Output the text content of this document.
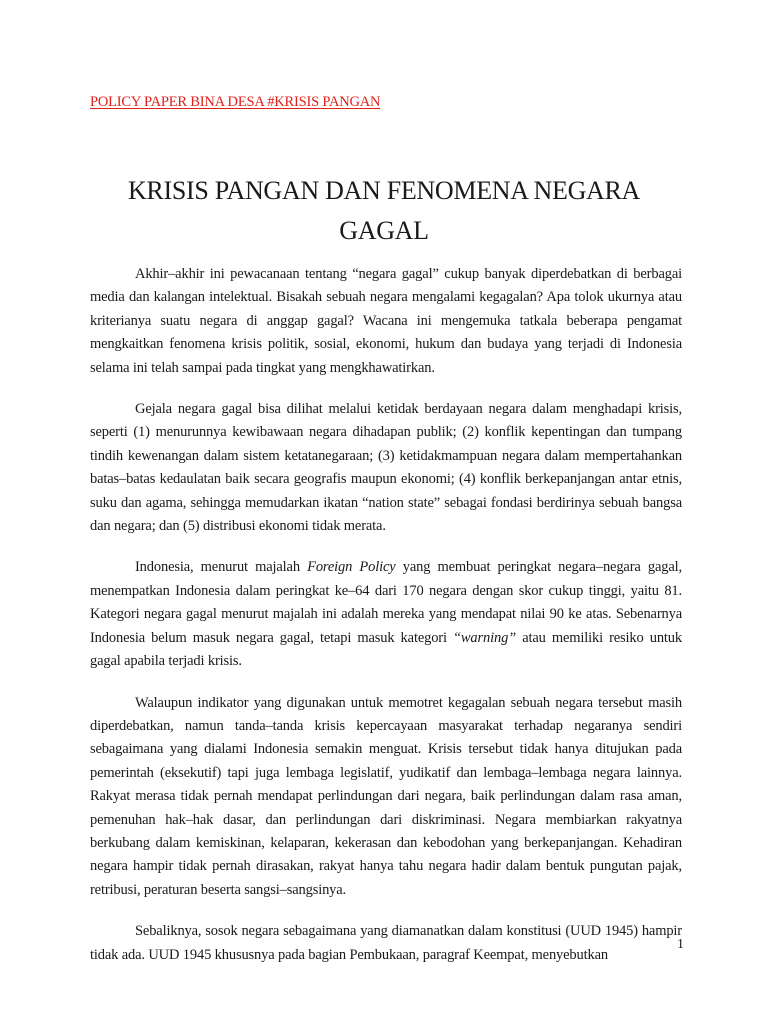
POLICY PAPER BINA DESA #KRISIS PANGAN
KRISIS PANGAN DAN FENOMENA NEGARA
GAGAL

Akhir–akhir ini pewacanaan tentang “negara gagal” cukup banyak diperdebatkan di berbagai media dan kalangan intelektual. Bisakah sebuah negara mengalami kegagalan? Apa tolok ukurnya atau kriterianya suatu negara di anggap gagal? Wacana ini mengemuka tatkala beberapa pengamat mengkaitkan fenomena krisis politik, sosial, ekonomi, hukum dan budaya yang terjadi di Indonesia selama ini telah sampai pada tingkat yang mengkhawatirkan.

Gejala negara gagal bisa dilihat melalui ketidak berdayaan negara dalam menghadapi krisis, seperti (1) menurunnya kewibawaan negara dihadapan publik; (2) konflik kepentingan dan tumpang tindih kewenangan dalam sistem ketatanegaraan; (3) ketidakmampuan negara dalam mempertahankan batas–batas kedaulatan baik secara geografis maupun ekonomi; (4) konflik berkepanjangan antar etnis, suku dan agama, sehingga memudarkan ikatan “nation state” sebagai fondasi berdirinya sebuah bangsa dan negara; dan (5) distribusi ekonomi tidak merata.

Indonesia, menurut majalah Foreign Policy yang membuat peringkat negara–negara gagal, menempatkan Indonesia dalam peringkat ke–64 dari 170 negara dengan skor cukup tinggi, yaitu 81. Kategori negara gagal menurut majalah ini adalah mereka yang mendapat nilai 90 ke atas. Sebenarnya Indonesia belum masuk negara gagal, tetapi masuk kategori “warning” atau memiliki resiko untuk gagal apabila terjadi krisis.

Walaupun indikator yang digunakan untuk memotret kegagalan sebuah negara tersebut masih diperdebatkan, namun tanda–tanda krisis kepercayaan masyarakat terhadap negaranya sendiri sebagaimana yang dialami Indonesia semakin menguat. Krisis tersebut tidak hanya ditujukan pada pemerintah (eksekutif) tapi juga lembaga legislatif, yudikatif dan lembaga–lembaga negara lainnya. Rakyat merasa tidak pernah mendapat perlindungan dari negara, baik perlindungan dalam rasa aman, pemenuhan hak–hak dasar, dan perlindungan dari diskriminasi. Negara membiarkan rakyatnya berkubang dalam kemiskinan, kelaparan, kekerasan dan kebodohan yang berkepanjangan. Kehadiran negara hampir tidak pernah dirasakan, rakyat hanya tahu negara hadir dalam bentuk pungutan pajak, retribusi, peraturan beserta sangsi–sangsinya.

Sebaliknya, sosok negara sebagaimana yang diamanatkan dalam konstitusi (UUD 1945) hampir tidak ada. UUD 1945 khususnya pada bagian Pembukaan, paragraf Keempat, menyebutkan

1
